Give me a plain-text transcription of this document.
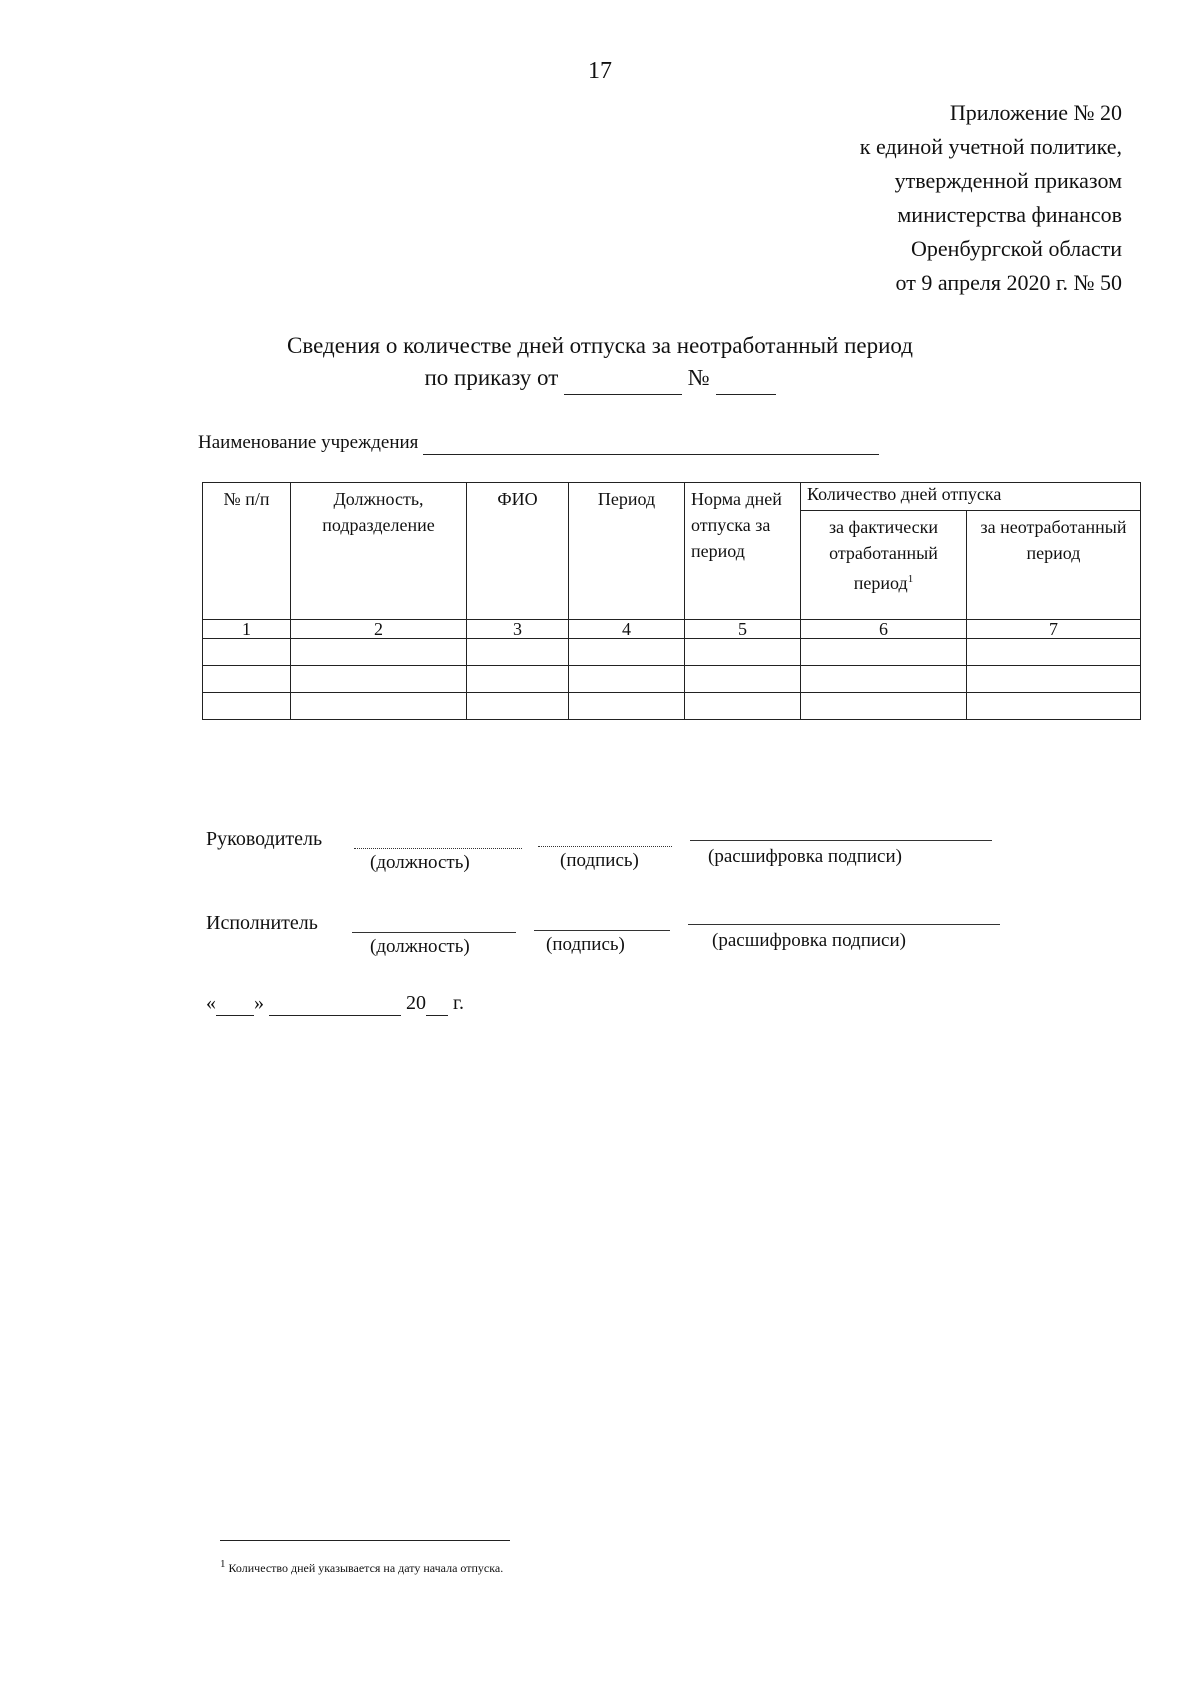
17
Приложение № 20
к единой учетной политике,
утвержденной приказом
министерства финансов
Оренбургской области
от 9 апреля 2020 г. № 50
Сведения о количестве дней отпуска за неотработанный период
по приказу от	№
Наименование учреждения
№ п/п	Должность, подразделение	ФИО	Период	Норма дней отпуска за период	Количество дней отпуска	
					за фактически отработанный период$^1$	за неотработанный период
1	2	3	4	5	6	7

Руководитель
(должность)	(подпись)	(расшифровка подписи)
Исполнитель
(должность)	(подпись)	(расшифровка подписи)
« »	20 г.
$^1$ Количество дней указывается на дату начала отпуска.
